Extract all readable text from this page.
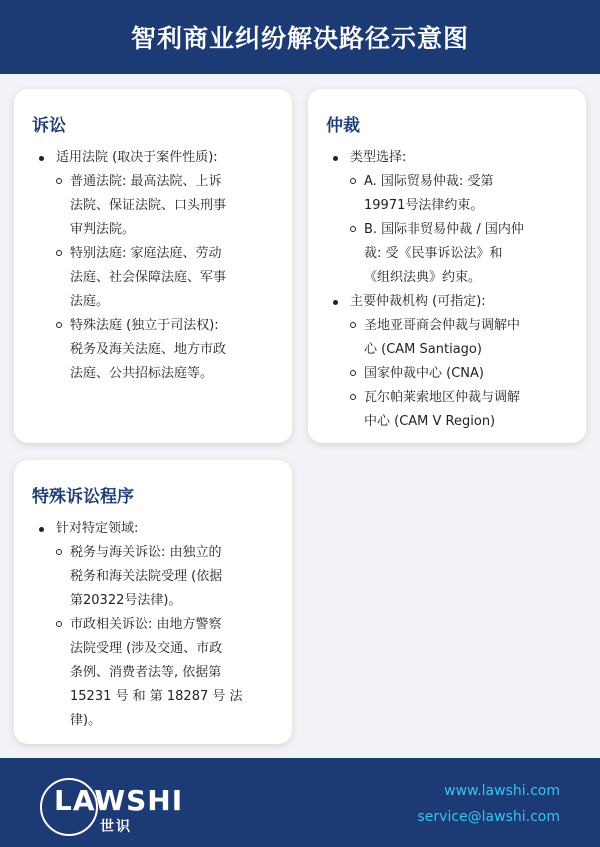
智利商业纠纷解决路径示意图
诉讼
适用法院 (取决于案件性质):
普通法院: 最高法院、上诉
法院、保证法院、口头刑事
审判法院。
特别法庭: 家庭法庭、劳动
法庭、社会保障法庭、军事
法庭。
特殊法庭 (独立于司法权):
税务及海关法庭、地方市政
法庭、公共招标法庭等。
仲裁
类型选择:
A. 国际贸易仲裁: 受第
19971号法律约束。
B. 国际非贸易仲裁 / 国内仲
裁: 受《民事诉讼法》和
《组织法典》约束。
主要仲裁机构 (可指定):
圣地亚哥商会仲裁与调解中
心 (CAM Santiago)
国家仲裁中心 (CNA)
瓦尔帕莱索地区仲裁与调解
中心 (CAM V Region)
特殊诉讼程序
针对特定领域:
税务与海关诉讼: 由独立的
税务和海关法院受理 (依据
第20322号法律)。
市政相关诉讼: 由地方警察
法院受理 (涉及交通、市政
条例、消费者法等, 依据第
15231 号 和 第 18287 号 法
律)。
LAWSHI
世识
www.lawshi.com
service@lawshi.com
